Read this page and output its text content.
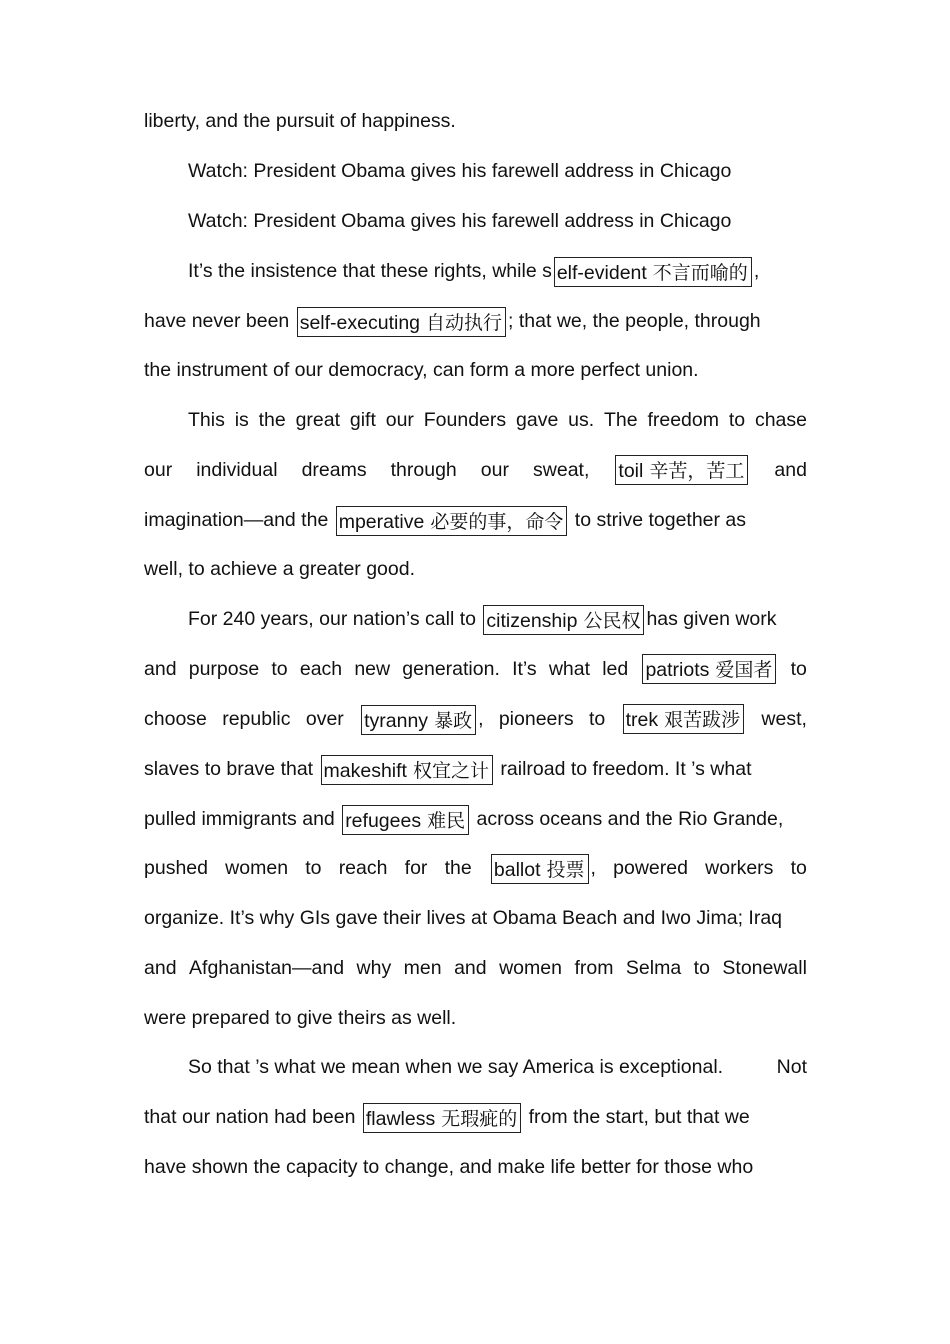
liberty, and the pursuit of happiness.
Watch: President Obama gives his farewell address in Chicago
Watch: President Obama gives his farewell address in Chicago
It’s the insistence that these rights, while s elf-evident 不言而喻的 ,
have never been self-executing 自动执行 ; that we, the people, through
the instrument of our democracy, can form a more perfect union.
This is the great gift our Founders gave us. The freedom to chase
our individual dreams through our sweat, toil 辛苦，苦工 and
imagination—and the mperative 必要的事，命令 to strive together as
well, to achieve a greater good.
For 240 years, our nation’s call to citizenship 公民权 has given work
and purpose to each new generation. It’s what led patriots 爱国者 to
choose republic over tyranny 暴政 , pioneers to trek 艰苦跋涉 west,
slaves to brave that makeshift 权宜之计 railroad to freedom. It ’s what
pulled immigrants and refugees 难民 across oceans and the Rio Grande,
pushed women to reach for the ballot 投票 , powered workers to
organize. It’s why GIs gave their lives at Obama Beach and Iwo Jima; Iraq
and Afghanistan—and why men and women from Selma to Stonewall
were prepared to give theirs as well.
So that ’s what we mean when we say America is exceptional.	Not
that our nation had been flawless 无瑕疵的 from the start, but that we
have shown the capacity to change, and make life better for those who
